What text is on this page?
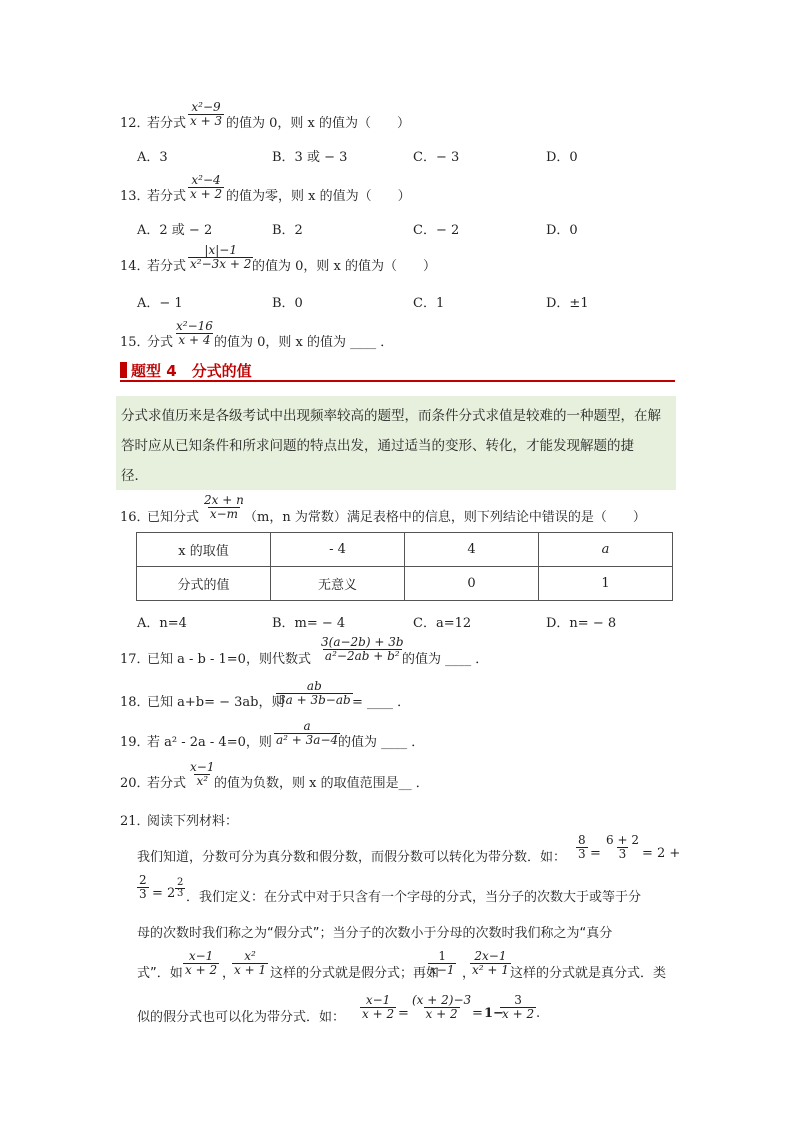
12．
若分式 $\frac{\text{x²−9}}{x + 3}$ 的值为 0，则 x 的值为（　　）
A．3	B．3 或 − 3	C．− 3	D．0
13．
若分式 $\frac{\text{x²−4}}{x + 2}$ 的值为零，则 x 的值为（　　）
A．2 或 − 2	B．2	C．− 2	D．0
14．
若分式 $\frac{|x|-1}{\text{x²−3x + 2}}$
的值为 0，则 x 的值为（　　）
A．− 1	B．0	C．1	D．±1
15．
分式 $\frac{\text{x²−16}}{x + 4}$ 的值为 0，则 x 的值为 ____ ．
题型 4　分式的值

分式求值历来是各级考试中出现频率较高的题型，而条件分式求值是较难的一种题型，在解

答时应从已知条件和所求问题的特点出发，通过适当的变形、转化，才能发现解题的捷

径．

16．
已知分式 $\frac{2x + n}{x-m}$
（m，n 为常数）满足表格中的信息，则下列结论中错误的是（　　）
x 的取值	- 4	4	a
分式的值	无意义	0	1
A．n=4	B．m= − 4	C．a=12	D．n= − 8
17．
已知 a - b - 1=0，则代数式 $\frac{3(a-2b) + 3b}{\text{a²−2ab + b²}}$
的值为 ____ ．
18．
已知 a+b= − 3ab，则
$\frac{ab}{3a + 3b-ab}$ = ____ ．
19．
若 a² - 2a - 4=0，则 $\frac{a}{\text{a² + 3a−4}}$
的值为 ____ ．
20．
若分式 $\frac{x-1}{\text{x²}}$
的值为负数，则 x 的取值范围是__ ．
21．
阅读下列材料：
我们知道，分数可分为真分数和假分数，而假分数可以转化为带分数．如： $\frac{8}{3} = \frac{6 + 2}{3} = 2$ +
$\frac{2}{3} = 2 \frac{2}{3}$ ．我们定义：在分式中对于只含有一个字母的分式，当分子的次数大于或等于分
母的次数时我们称之为“假分式”；当分子的次数小于分母的次数时我们称之为“真分
式”．如 $\frac{x-1}{x + 2}$ ，
$\frac{\text{x²}}{x + 1}$ 这样的分式就是假分式；再如
$\frac{1}{x-1}$ ，
$\frac{2x-1}{\text{x² + 1}}$ 这样的分式就是真分式．类
似的假分式也可以化为带分式．如： $\frac{x-1}{x + 2} = \frac{(x + 2)-3}{x + 2}$
= 1−
$\frac{3}{x + 2}$ .
